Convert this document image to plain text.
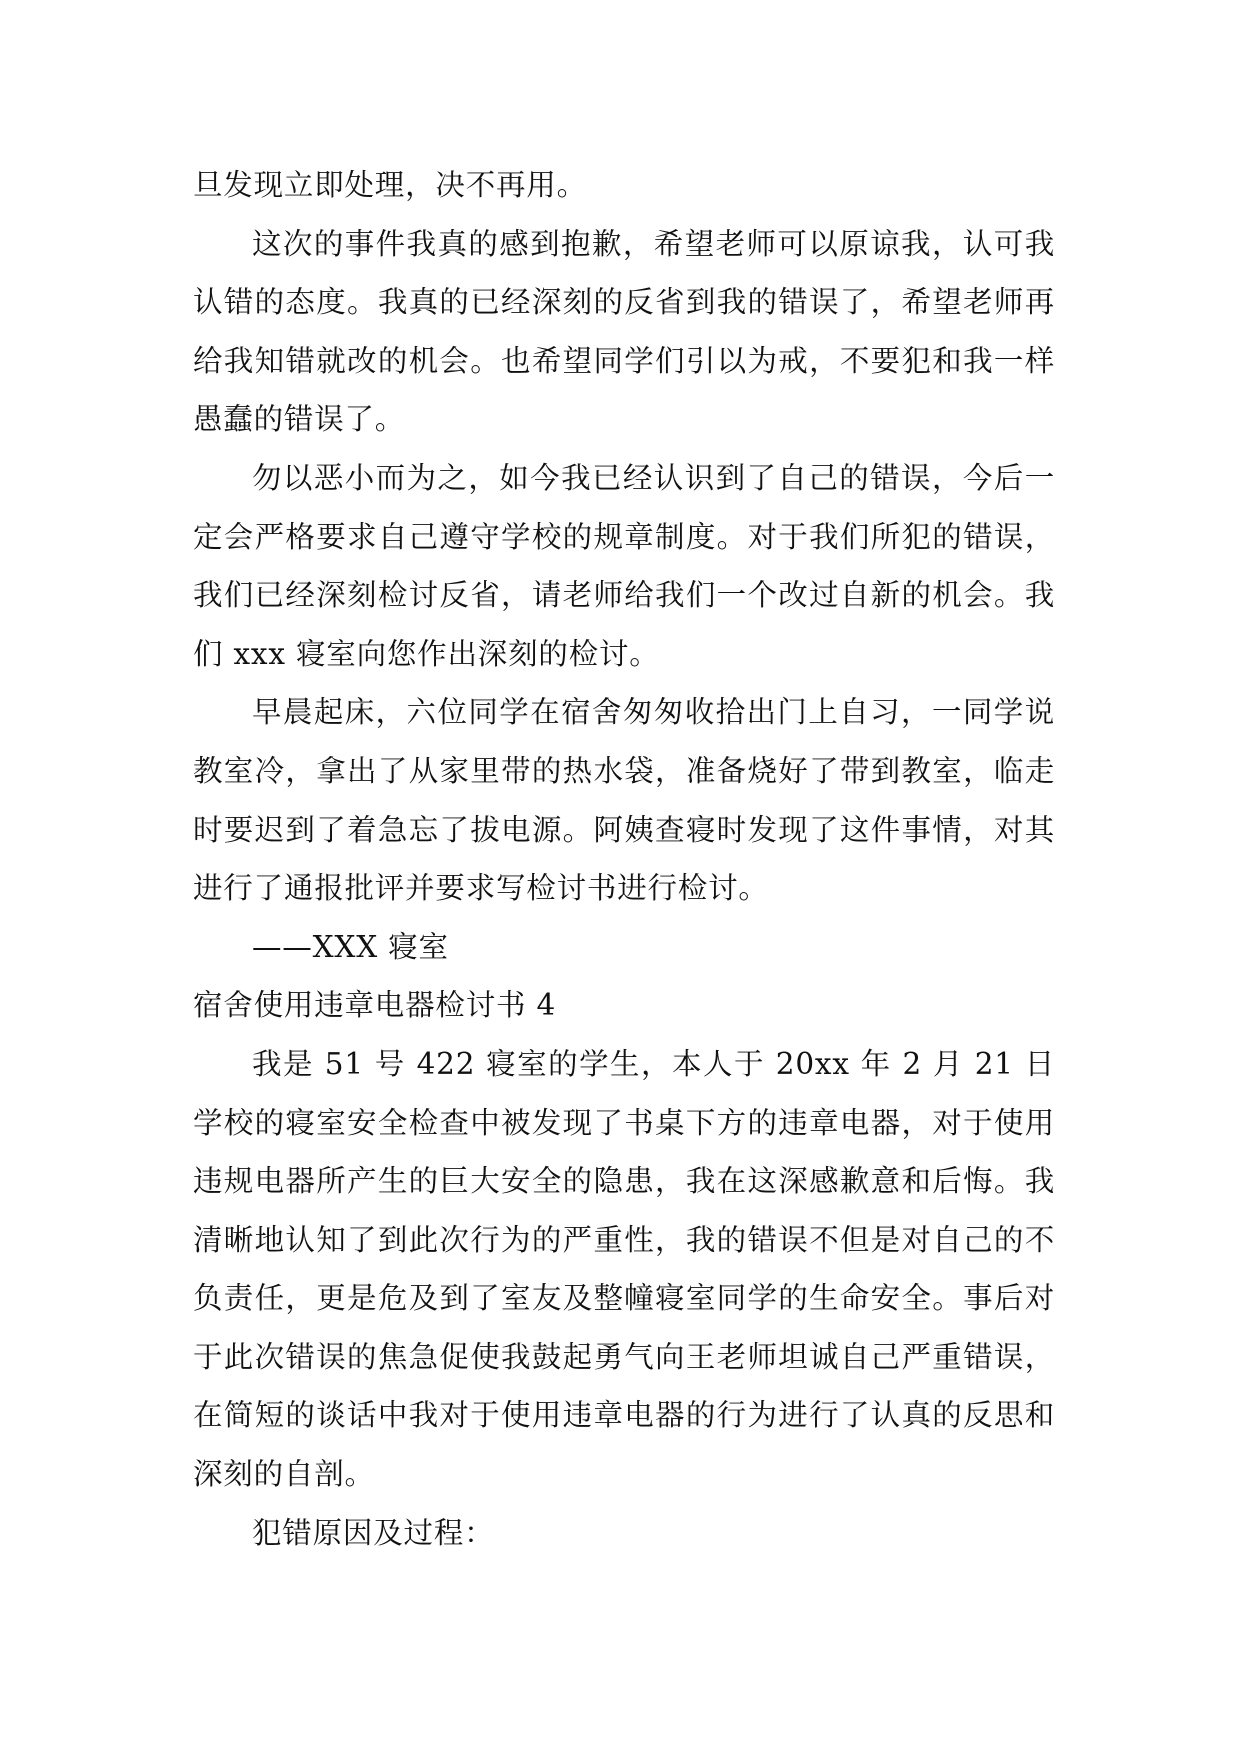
旦发现立即处理，决不再用。

这次的事件我真的感到抱歉，希望老师可以原谅我，认可我认错的态度。我真的已经深刻的反省到我的错误了，希望老师再给我知错就改的机会。也希望同学们引以为戒，不要犯和我一样愚蠢的错误了。

勿以恶小而为之，如今我已经认识到了自己的错误，今后一定会严格要求自己遵守学校的规章制度。对于我们所犯的错误，我们已经深刻检讨反省，请老师给我们一个改过自新的机会。我们 xxx 寝室向您作出深刻的检讨。

早晨起床，六位同学在宿舍匆匆收拾出门上自习，一同学说教室冷，拿出了从家里带的热水袋，准备烧好了带到教室，临走时要迟到了着急忘了拔电源。阿姨查寝时发现了这件事情，对其进行了通报批评并要求写检讨书进行检讨。

——XXX 寝室

宿舍使用违章电器检讨书 4

我是 51 号 422 寝室的学生，本人于 20xx 年 2 月 21 日学校的寝室安全检查中被发现了书桌下方的违章电器，对于使用违规电器所产生的巨大安全的隐患，我在这深感歉意和后悔。我清晰地认知了到此次行为的严重性，我的错误不但是对自己的不负责任，更是危及到了室友及整幢寝室同学的生命安全。事后对于此次错误的焦急促使我鼓起勇气向王老师坦诚自己严重错误，在简短的谈话中我对于使用违章电器的行为进行了认真的反思和深刻的自剖。

犯错原因及过程：
